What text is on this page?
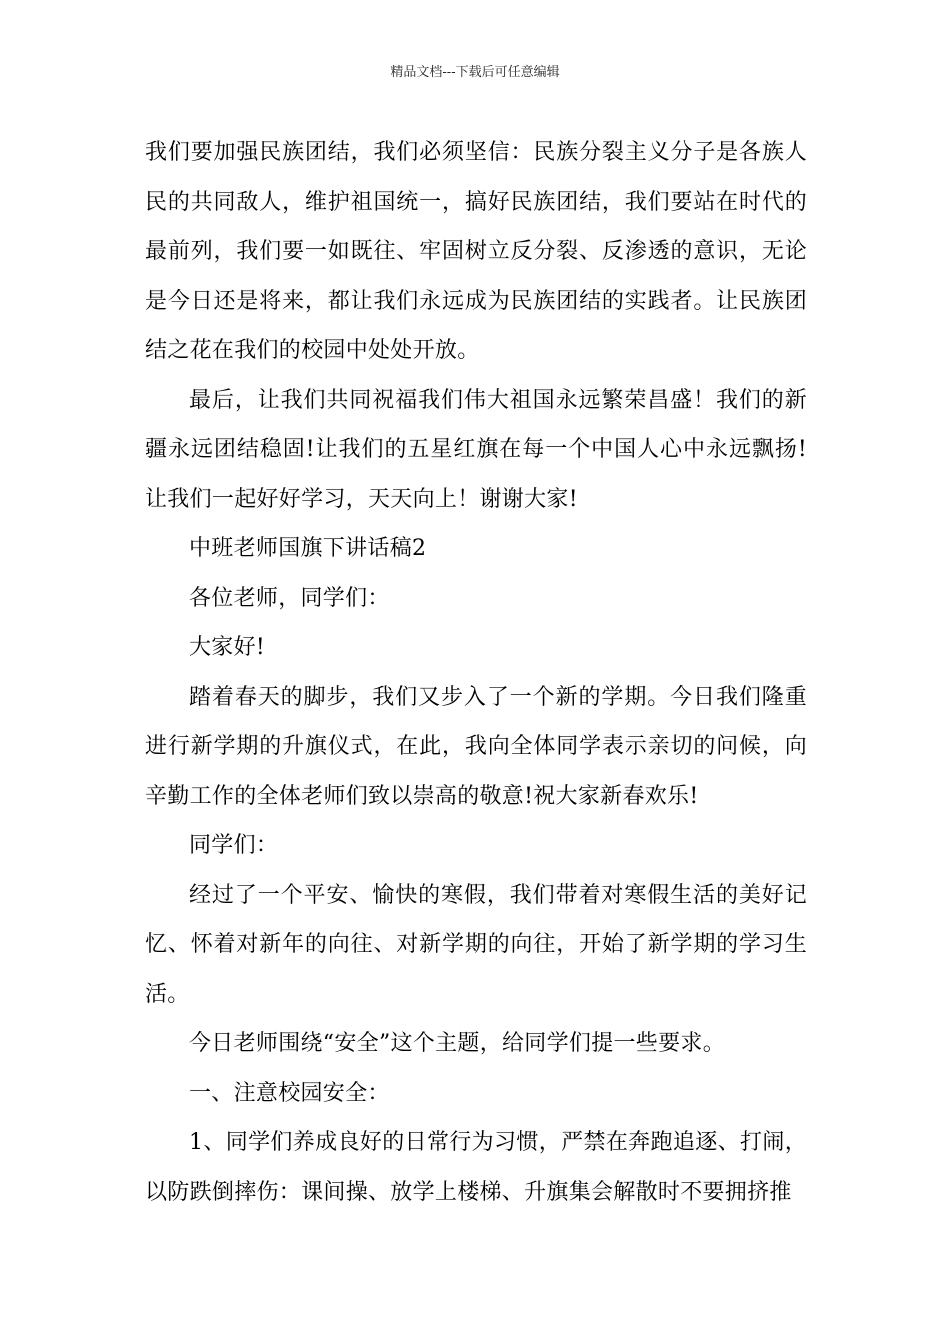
精品文档---下载后可任意编辑

我们要加强民族团结，我们必须坚信：民族分裂主义分子是各族人民的共同敌人，维护祖国统一，搞好民族团结，我们要站在时代的最前列，我们要一如既往、牢固树立反分裂、反渗透的意识，无论是今日还是将来，都让我们永远成为民族团结的实践者。让民族团结之花在我们的校园中处处开放。

最后，让我们共同祝福我们伟大祖国永远繁荣昌盛！我们的新疆永远团结稳固!让我们的五星红旗在每一个中国人心中永远飘扬!让我们一起好好学习，天天向上！谢谢大家!

中班老师国旗下讲话稿2

各位老师，同学们：

大家好!

踏着春天的脚步，我们又步入了一个新的学期。今日我们隆重进行新学期的升旗仪式，在此，我向全体同学表示亲切的问候，向辛勤工作的全体老师们致以崇高的敬意!祝大家新春欢乐!

同学们：

经过了一个平安、愉快的寒假，我们带着对寒假生活的美好记忆、怀着对新年的向往、对新学期的向往，开始了新学期的学习生活。

今日老师围绕“安全”这个主题，给同学们提一些要求。

一、注意校园安全：

1、同学们养成良好的日常行为习惯，严禁在奔跑追逐、打闹，以防跌倒摔伤：课间操、放学上楼梯、升旗集会解散时不要拥挤推
